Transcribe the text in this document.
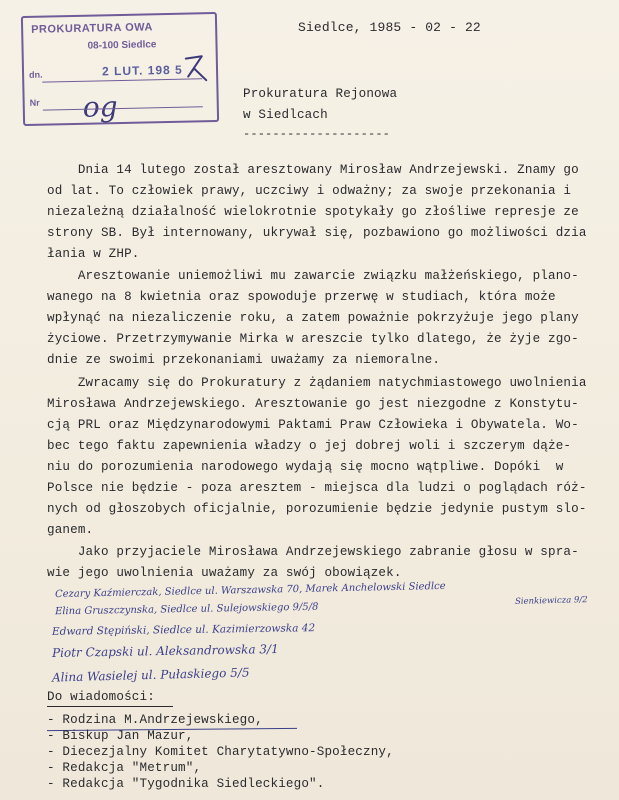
PROKURATURA OWA
08-100 Siedlce
dn.	2 LUT. 198 5
Nr og
Siedlce, 1985 - 02 - 22
Prokuratura Rejonowa
w Siedlcach
--------------------
Dnia 14 lutego został aresztowany Mirosław Andrzejewski. Znamy go
od lat. To człowiek prawy, uczciwy i odważny; za swoje przekonania i
niezależną działalność wielokrotnie spotykały go złośliwe represje ze
strony SB. Był internowany, ukrywał się, pozbawiono go możliwości dzia
łania w ZHP.
Aresztowanie uniemożliwi mu zawarcie związku małżeńskiego, plano-
wanego na 8 kwietnia oraz spowoduje przerwę w studiach, która może
wpłynąć na niezaliczenie roku, a zatem poważnie pokrzyżuje jego plany
życiowe. Przetrzymywanie Mirka w areszcie tylko dlatego, że żyje zgo-
dnie ze swoimi przekonaniami uważamy za niemoralne.
Zwracamy się do Prokuratury z żądaniem natychmiastowego uwolnienia
Mirosława Andrzejewskiego. Aresztowanie go jest niezgodne z Konstytu-
cją PRL oraz Międzynarodowymi Paktami Praw Człowieka i Obywatela. Wo-
bec tego faktu zapewnienia władzy o jej dobrej woli i szczerym dąże-
niu do porozumienia narodowego wydają się mocno wątpliwe. Dopóki  w
Polsce nie będzie - poza aresztem - miejsca dla ludzi o poglądach róż-
nych od głoszobych oficjalnie, porozumienie będzie jedynie pustym slo-
ganem.
Jako przyjaciele Mirosława Andrzejewskiego zabranie głosu w spra-
wie jego uwolnienia uważamy za swój obowiązek.
Cezary Kaźmierczak, Siedlce ul. Warszawska 70, Marek Anchelowski Siedlce
Sienkiewicza 9/2
Elina Gruszczynska, Siedlce ul. Sulejowskiego 9/5/8
Edward Stępiński, Siedlce ul. Kazimierzowska 42
Piotr Czapski ul. Aleksandrowska 3/1
Alina Wasielej ul. Pułaskiego 5/5
Do wiadomości:
- Rodzina M.Andrzejewskiego,
- Biskup Jan Mazur,
- Diecezjalny Komitet Charytatywno-Społeczny,
- Redakcja "Metrum",
- Redakcja "Tygodnika Siedleckiego".
